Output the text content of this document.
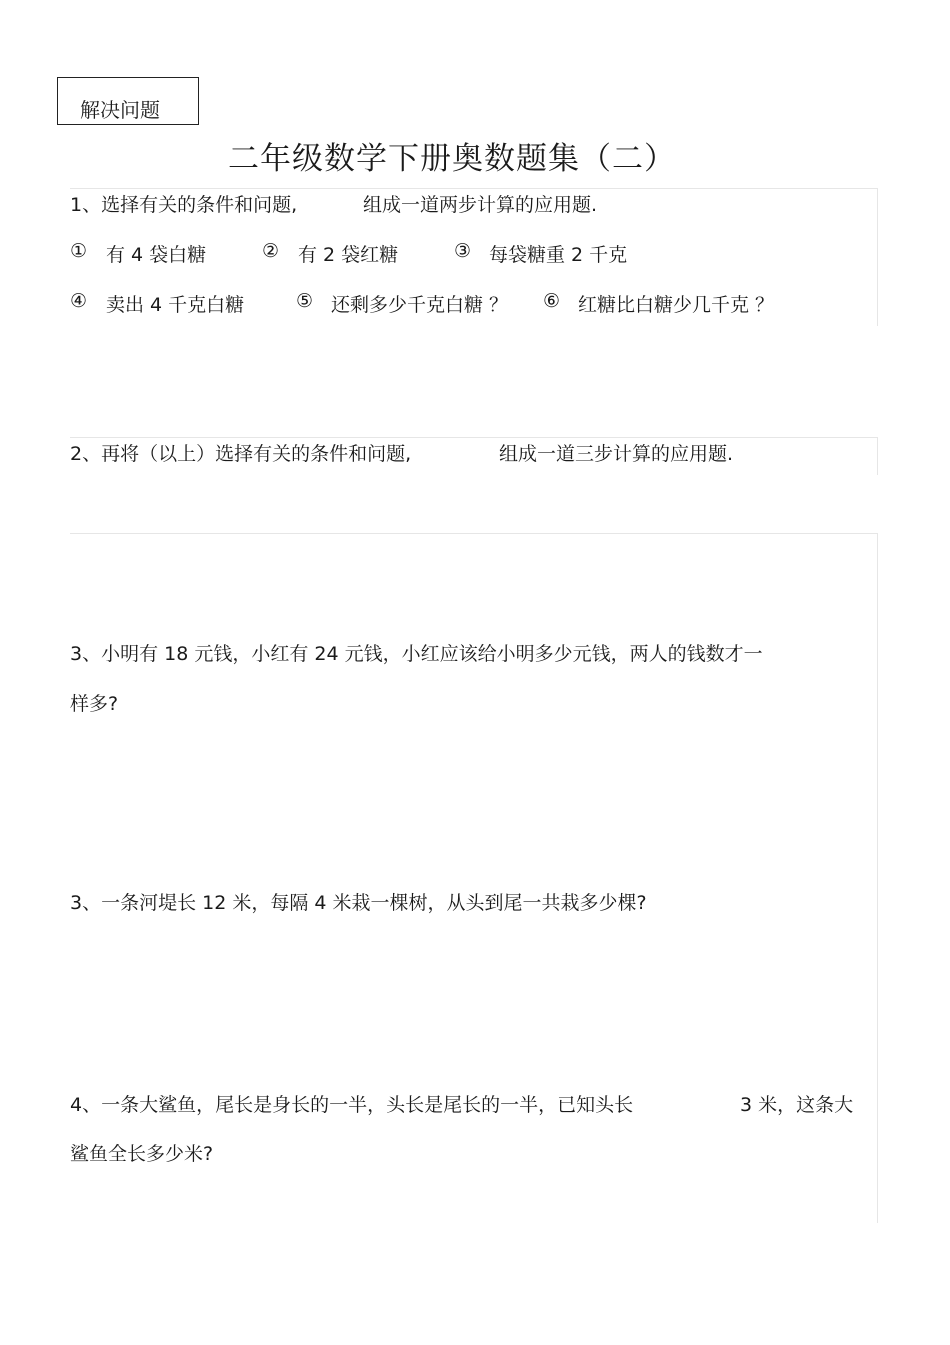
解决问题
二年级数学下册奥数题集（二）
1、选择有关的条件和问题,	组成一道两步计算的应用题.
① 有 4 袋白糖	② 有 2 袋红糖	③ 每袋糖重 2 千克
④ 卖出 4 千克白糖	⑤ 还剩多少千克白糖 ？ ⑥ 红糖比白糖少几千克 ？
2、再将（以上）选择有关的条件和问题,	组成一道三步计算的应用题.
3、小明有 18 元钱，小红有 24 元钱，小红应该给小明多少元钱，两人的钱数才一
样多?
3、一条河堤长 12 米，每隔 4 米栽一棵树，从头到尾一共栽多少棵?
4、一条大鲨鱼，尾长是身长的一半，头长是尾长的一半，已知头长	3 米，这条大
鲨鱼全长多少米?
